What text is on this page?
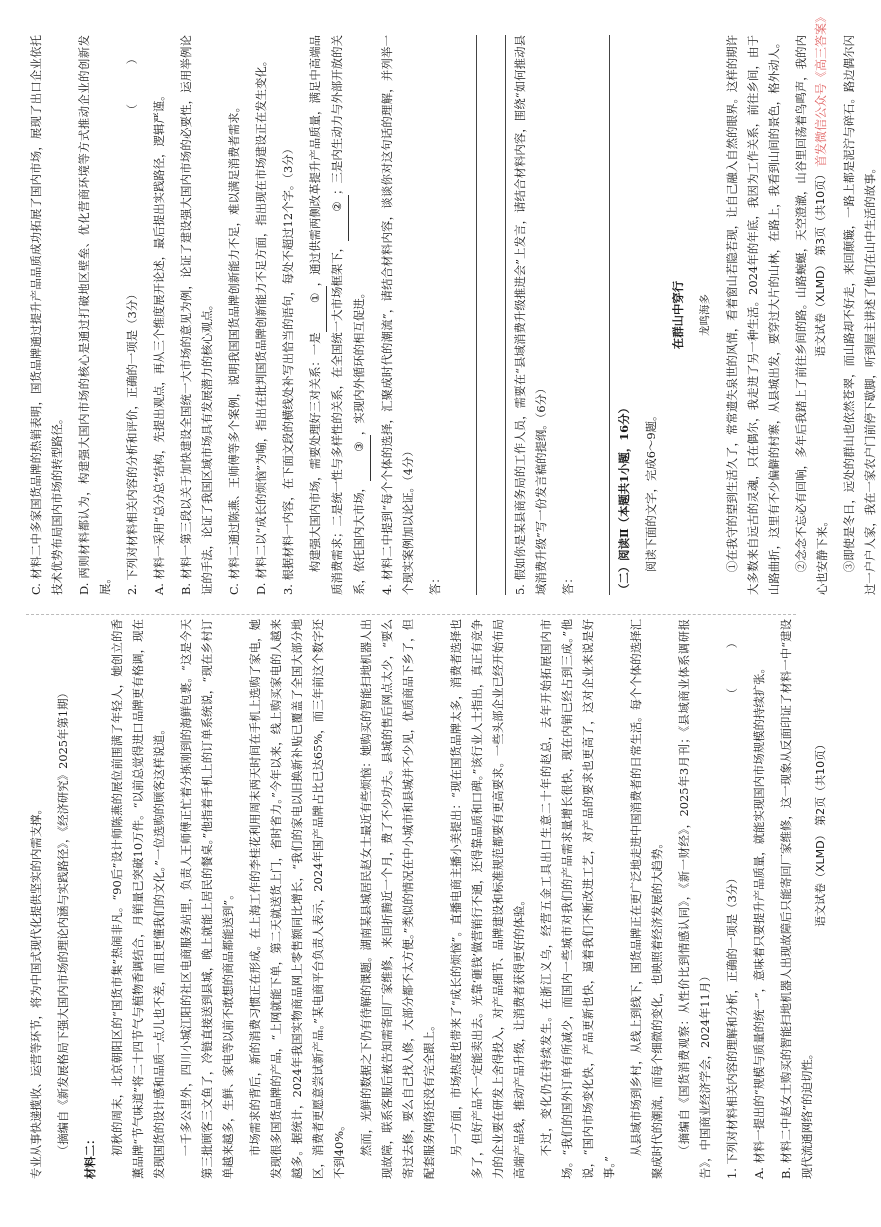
专业从事快递揽收、运营等环节，将为中国式现代化提供坚实的内需支撑。	（摘编自《新发展格局下强大国内市场的理论内涵与实践路径》，《经济研究》2025年第1期）

材料二：

初秋的周末，北京朝阳区的“国货市集”热闹非凡。“90后”设计师陈燕的展位前围满了年轻人，她创立的香薰品牌“节气味道”将二十四节气与植物香调结合，月销量已突破10万件。“以前总觉得进口品牌更有格调，现在发现国货的设计感和品质一点儿也不差，而且更懂我们的文化。”一位选购的顾客这样说道。	一千多公里外，四川小城江阳的社区电商服务站里，负责人王师傅正忙着分拣刚到的海鲜包裹。“这是今天第三批顾客三文鱼了，冷链直接送到县城，晚上就能上居民的餐桌。”他指着手机上的订单系统说，“现在乡村订单越来越多，生鲜、家电等以前不敢想的商品都能送到”。	市场需求的背后，新的消费习惯正在形成。在上海工作的李桂花利用周末两天时间在手机上选购了家电，她发现很多国货品牌的产品，“上网就能下单，第二天就送货上门，省时省力。”今年以来，线上购买家电的人越来越多。据统计，2024年我国实物商品网上零售额同比增长，“我们的家电以旧换新补贴已覆盖了全国大部分地区，消费者更愿意尝试新产品。”某电商平台负责人表示，2024年国产品牌占比已达65%，而三年前这个数字还不到40%。	然而，光鲜的数据之下仍有待解的课题。湖南某县城居民赵女士最近有些烦恼：她购买的智能扫地机器人出现故障，联系客服后被告知需寄回厂家维修，来回折腾近一个月，费了不少功夫。县城的售后网点太少，“要么寄过去修，要么自己找人修，大部分都不太方便。”类似的情况在中小城市和县城并不少见，优质商品下乡了，但配套服务网络还没有完全跟上。	另一方面，市场热度也带来了“成长的烦恼”。直播电商主播小美提出：“现在国货品牌太多，消费者选择也多了，但好产品不一定能卖出去。光靠‘砸钱’做营销行不通，还得靠品质和口碑。”该行业人士指出，真正有竞争力的企业要在研发上舍得投入，对产品细节、品牌建设和标准规范都要有更高要求。一些头部企业已经开始布局高端产品线，推动产品升级，让消费者获得更好的体验。	不过，变化仍在持续发生。在浙江义乌，经营五金工具出口生意二十年的赵总，去年开始拓展国内市场。“我们的国外订单有所减少，而国内一些城市对我们的产品需求量增长很快，现在内销已经占到三成。”他说，“国内市场变化快，产品更新也快，逼着我们不断改进工艺，对产品的要求也更高了，这对企业来说是好事。”

从县域市场到乡村，从线上到线下，国货品牌正在更广泛地走进中国消费者的日常生活。每个个体的选择汇聚成时代的潮流，而每个细微的变化，也映照着经济发展的大趋势。	（摘编自《国货消费观察：从性价比到情感认同》，《新一财经》，2025年3月刊；《县域商业体系调研报告》，中国商业经济学会，2024年11月）	1. 下列对材料相关内容的理解和分析，正确的一项是（3分）
（ ）

A. 材料一提出的“规模与质量的统一”，意味着只要提升产品质量，就能实现国内市场规模的持续扩张。	B. 材料二中赵女士购买的智能扫地机器人出现故障后只能寄回厂家维修，这一现象从反面印证了材料一中“建设现代流通网络”的迫切性。

C. 材料二中多家国货品牌的热销表明，国货品牌通过提升产品品质成功拓展了国内市场，展现了出口企业依托技术优势布局国内市场的转型路径。	D. 两则材料都认为，构建强大国内市场的核心是通过打破地区壁垒、优化营商环境等方式推动企业的创新发展。	2. 下列对材料相关内容的分析和评价，正确的一项是（3分）
（ ）

A. 材料一采用“总分总”结构，先提出观点，再从三个维度展开论述，最后提出实践路径，逻辑严谨。	B. 材料一第三段以关于加快建设全国统一大市场的意见为例，论证了建设强大国内市场的必要性，运用举例论证的手法，论证了我国区域市场具有发展潜力的核心观点。	C. 材料二通过陈燕、王师傅等多个案例，说明我国国货品牌创新能力不足，难以满足消费者需求。	D. 材料二以“成长的烦恼”为喻，指出在批判国货品牌创新能力不足方面，指出现在市场建设正在发生变化。	3. 根据材料一内容，在下面文段的横线处补写出恰当的语句，每处不超过12个字。（3分）	构建强大国内市场，需要处理好三对关系：一是①，通过供需两侧改革提升产品质量，满足中高端品质消费需求；二是统一性与多样性的关系，在全国统一大市场框架下，②；三是内生动力与外部开放的关系，依托国内大市场，③，实现内外循环的相互促进。	4. 材料二中提到“每个个体的选择，汇聚成时代的潮流”，请结合材料内容，谈谈你对这句话的理解，并列举一个现实案例加以论证。（4分）	答：	5. 假如你是某县商务局的工作人员，需要在“县域消费升级推进会”上发言，请结合材料内容，围绕“如何推动县域消费升级”写一份发言稿的提纲。（6分）	答：	（二）阅读Ⅱ（本题共1小题，16分）	阅读下面的文字，完成6～9题。

在群山中穿行	龙鸣海多	①在我守的望到生活久了，常常遗失泉世的风情，看着窗山若隐若现，让自己融入自然的眼界。这样的期许大多数来自远古的灵魂，只在偶尔，我走进了另一种生活。2024年的年底，我因为工作关系，前往乡间，由于山路曲折，这里有不少偏僻的村寨，从县城出发，要穿过大片的山林，在路上，我看到山间的景色，格外动人。	②念念不忘必有回响，多年后我踏上了前往乡间的路。山路蜿蜒，天空澄澈，山谷里回荡着鸟鸣声，我的内心也安静下来。	③即使是冬日，远处的群山也依然苍翠，而山路却不好走，来回颠簸，一路上都是泥泞与碎石。路边偶尔闪过一户户人家，我在一家农户门前停下歇脚，听到屋主讲述了他们在山中生活的故事。

语文试卷（XLMD） 第2页（共10页）
语文试卷（XLMD） 第3页（共10页）
首发微信公众号《高三答案》
